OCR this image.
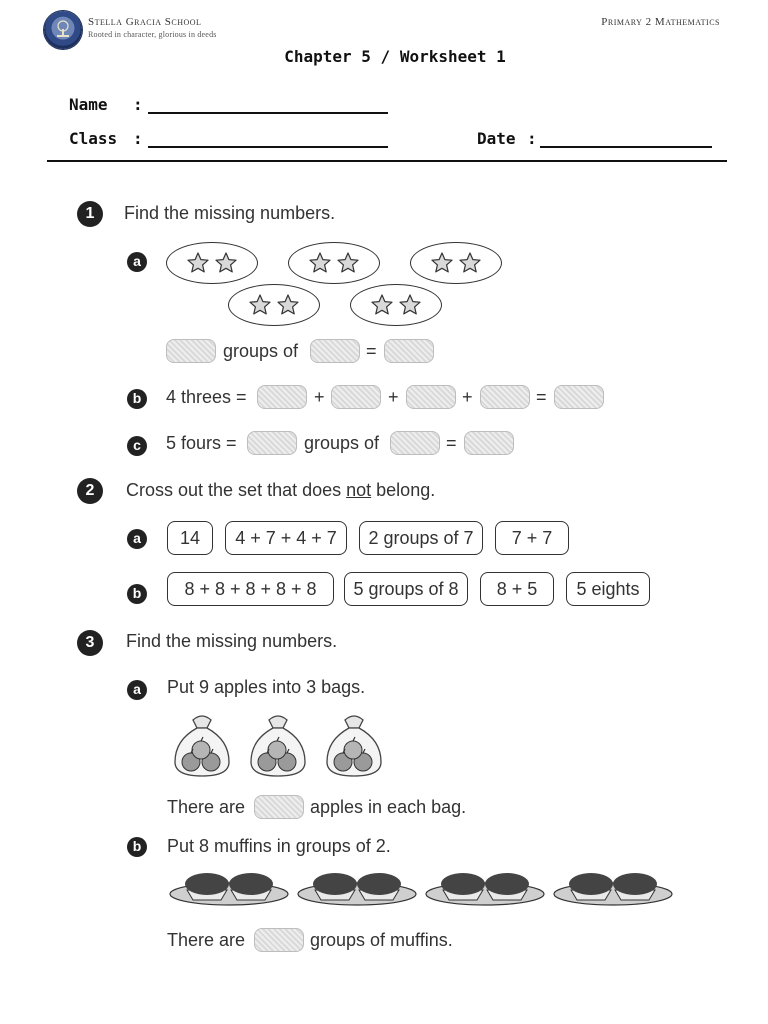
Stella Gracia School
Rooted in character, glorious in deeds
Primary 2 Mathematics
Chapter 5 / Worksheet 1
Name :
Class :	Date :
1	Find the missing numbers.
a
groups of	=
b	4 threes =	+	+	+	=
c	5 fours =	groups of	=
2	Cross out the set that does not belong.
a	14	4 + 7 + 4 + 7	2 groups of 7	7 + 7
b	8 + 8 + 8 + 8 + 8	5 groups of 8	8 + 5	5 eights
3	Find the missing numbers.
a	Put 9 apples into 3 bags.
There are	apples in each bag.
b	Put 8 muffins in groups of 2.
There are	groups of muffins.
